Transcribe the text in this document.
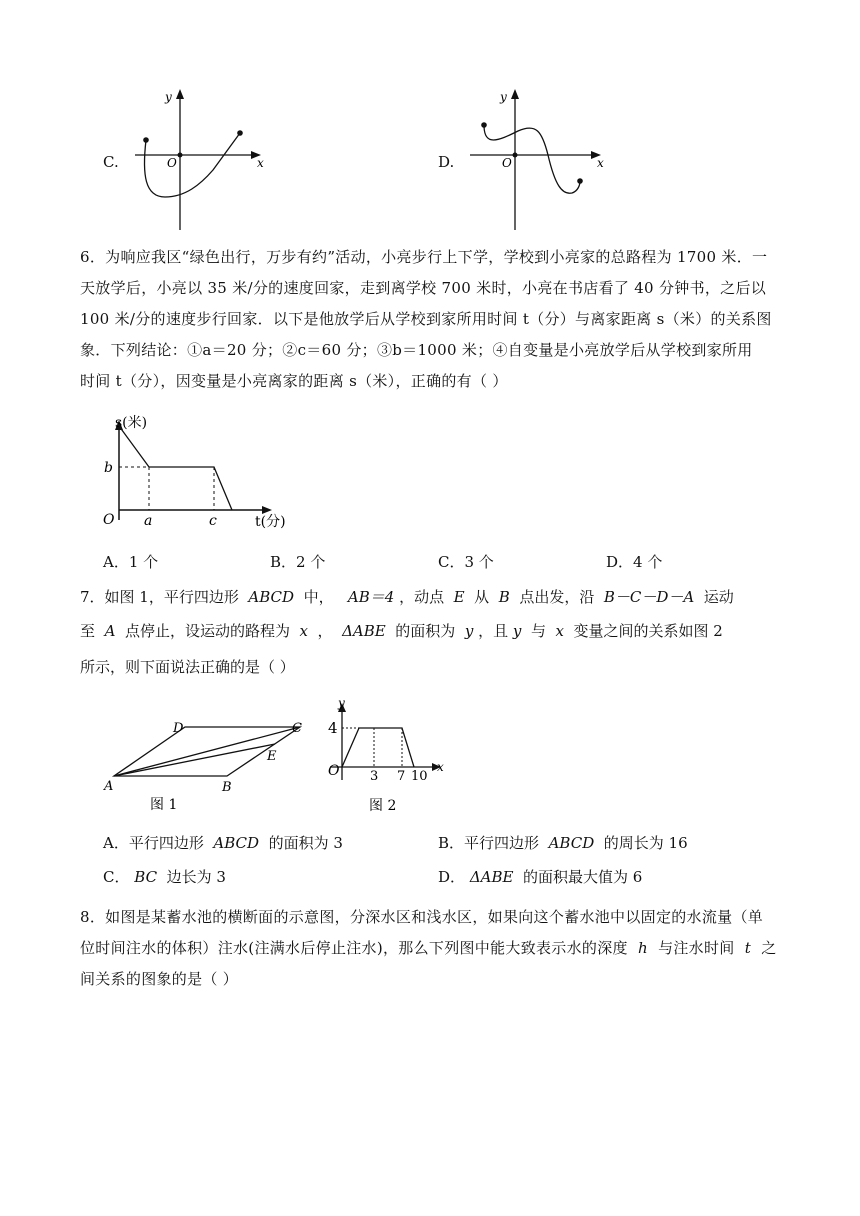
C.
y
x
O	D.
y
x
O
6．为响应我区“绿色出行，万步有约”活动，小亮步行上下学，学校到小亮家的总路程为 1700 米．一
天放学后，小亮以 35 米/分的速度回家，走到离学校 700 米时，小亮在书店看了 40 分钟书，之后以
100 米/分的速度步行回家．以下是他放学后从学校到家所用时间 t（分）与离家距离 s（米）的关系图
象．下列结论：①a＝20 分；②c＝60 分；③b＝1000 米；④自变量是小亮放学后从学校到家所用
时间 t（分），因变量是小亮离家的距离 s（米），正确的有（ ）
s(米)
t(分)
O
b
a	c
A．1 个	B．2 个	C．3 个	D．4 个
7．如图 1，平行四边形 ABCD 中， AB＝4 ，动点 E 从 B 点出发，沿 B－C－D－A 运动
至 A 点停止，设运动的路程为 x ， ΔABE 的面积为 y ，且 y 与 x 变量之间的关系如图 2
所示，则下面说法正确的是（ ）
A	B
C
D
E
图 1
y
x
O
4
3 7 10
图 2
A．平行四边形 ABCD 的面积为 3	B．平行四边形 ABCD 的周长为 16
C． BC 边长为 3	D． ΔABE 的面积最大值为 6
8．如图是某蓄水池的横断面的示意图，分深水区和浅水区，如果向这个蓄水池中以固定的水流量（单
位时间注水的体积）注水(注满水后停止注水)，那么下列图中能大致表示水的深度 h 与注水时间 t 之
间关系的图象的是（ ）
